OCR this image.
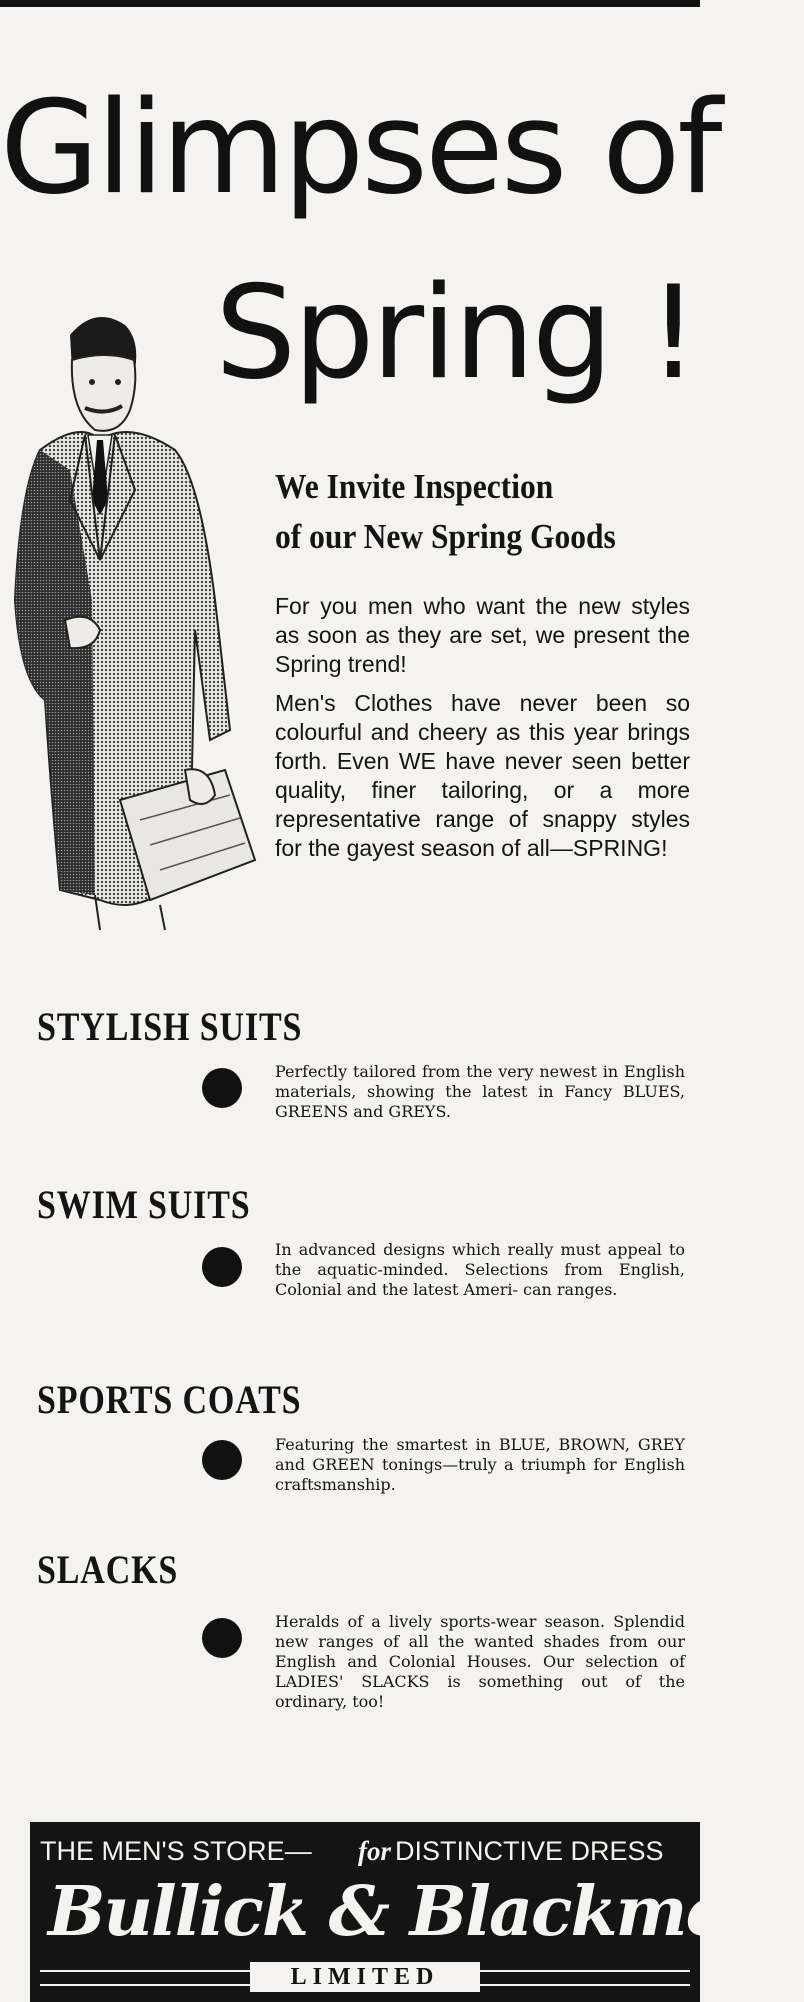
Glimpses of
Spring !
We Invite Inspection
of our New Spring Goods

For you men who want the new styles as soon as they are set, we present the Spring trend!

Men's Clothes have never been so colourful and cheery as this year brings forth. Even WE have never seen better quality, finer tailoring, or a more representative range of snappy styles for the gayest season of all—SPRING!

STYLISH SUITS
Perfectly tailored from the very newest in English materials, showing the latest in Fancy BLUES, GREENS and GREYS.
SWIM SUITS
In advanced designs which really must appeal to the aquatic-minded. Selections from English, Colonial and the latest Ameri- can ranges.
SPORTS COATS
Featuring the smartest in BLUE, BROWN, GREY and GREEN tonings—truly a triumph for English craftsmanship.
SLACKS
Heralds of a lively sports-wear season. Splendid new ranges of all the wanted shades from our English and Colonial Houses. Our selection of LADIES' SLACKS is something out of the ordinary, too!
THE MEN'S STORE— for DISTINCTIVE DRESS
Bullick & Blackmore
LIMITED
